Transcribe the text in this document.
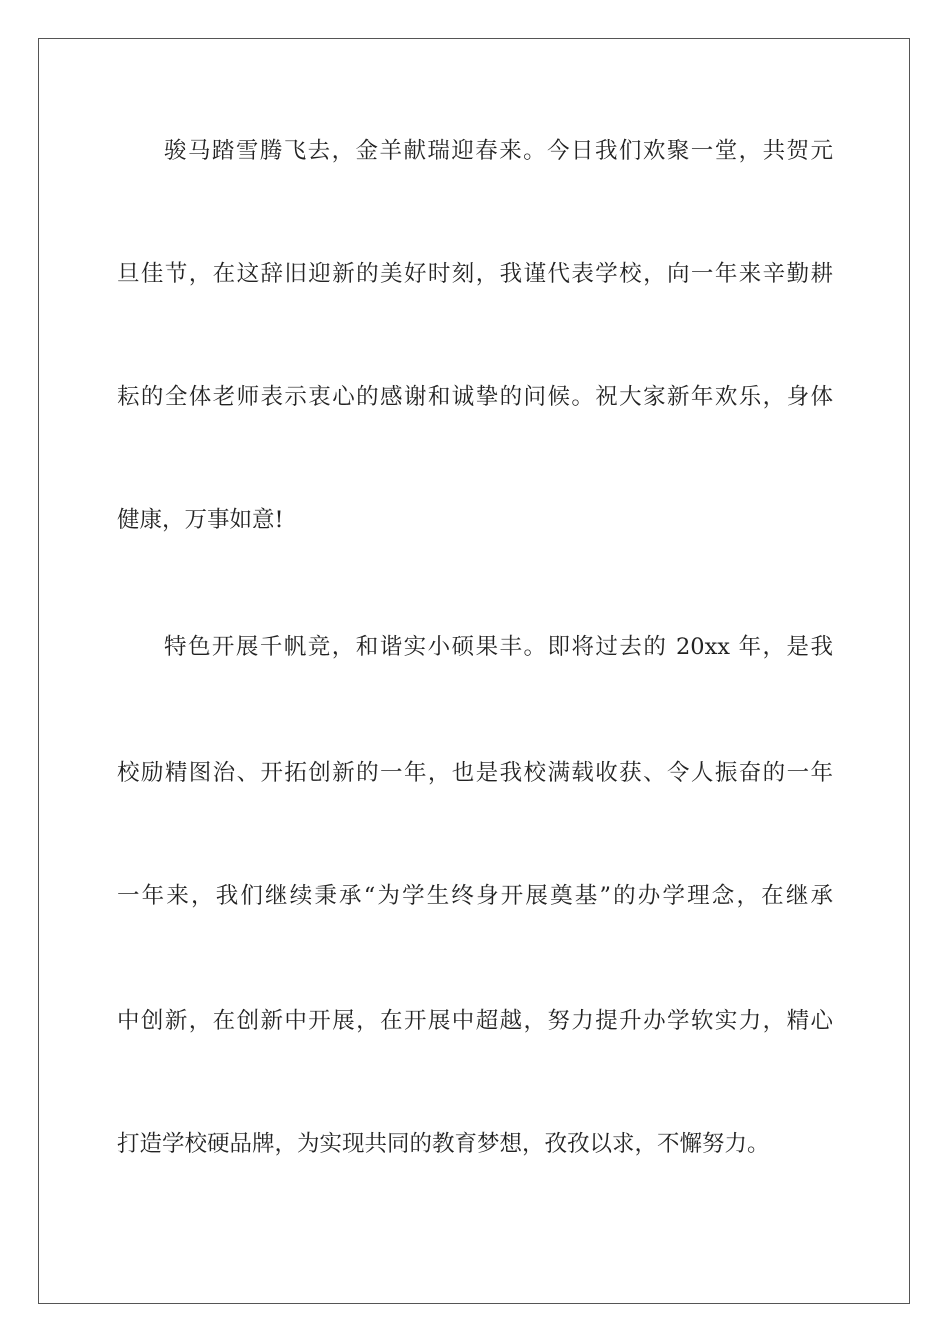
骏马踏雪腾飞去，金羊献瑞迎春来。今日我们欢聚一堂，共贺元
旦佳节，在这辞旧迎新的美好时刻，我谨代表学校，向一年来辛勤耕
耘的全体老师表示衷心的感谢和诚挚的问候。祝大家新年欢乐，身体
健康，万事如意!
特色开展千帆竞，和谐实小硕果丰。即将过去的 20xx 年，是我
校励精图治、开拓创新的一年，也是我校满载收获、令人振奋的一年
一年来，我们继续秉承“为学生终身开展奠基”的办学理念，在继承
中创新，在创新中开展，在开展中超越，努力提升办学软实力，精心
打造学校硬品牌，为实现共同的教育梦想，孜孜以求，不懈努力。
